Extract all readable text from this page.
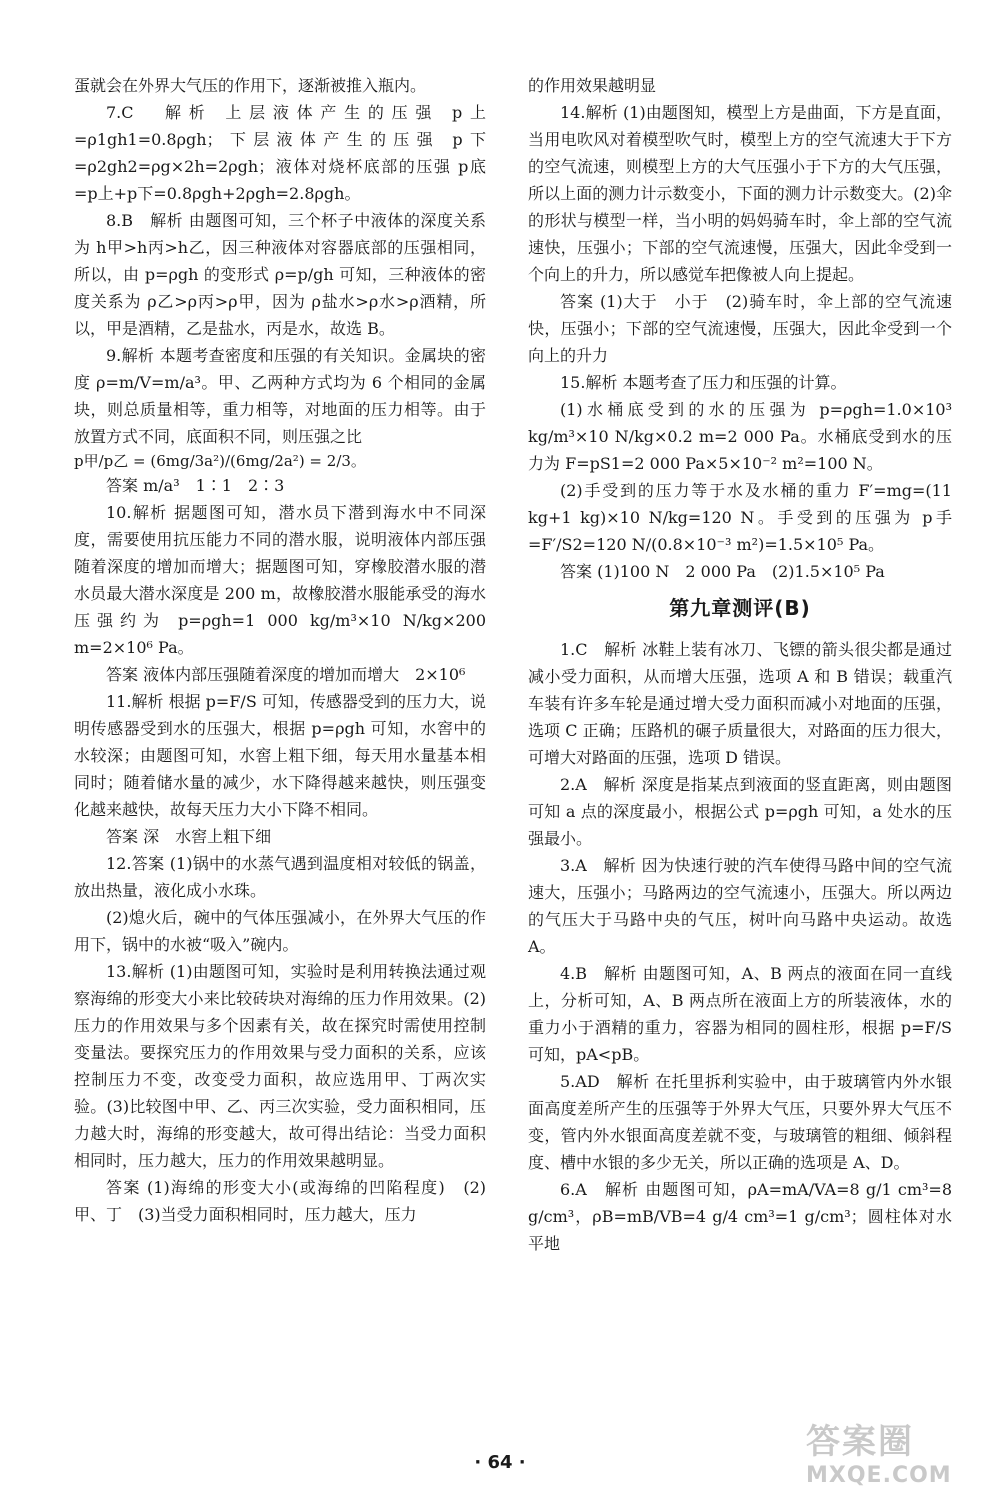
蛋就会在外界大气压的作用下，逐渐被推入瓶内。

7.C　解析 上层液体产生的压强 p上=ρ1gh1=0.8ρgh；下层液体产生的压强 p下=ρ2gh2=ρg×2h=2ρgh；液体对烧杯底部的压强 p底=p上+p下=0.8ρgh+2ρgh=2.8ρgh。

8.B　解析 由题图可知，三个杯子中液体的深度关系为 h甲>h丙>h乙，因三种液体对容器底部的压强相同，所以，由 p=ρgh 的变形式 ρ=p/gh 可知，三种液体的密度关系为 ρ乙>ρ丙>ρ甲，因为 ρ盐水>ρ水>ρ酒精，所以，甲是酒精，乙是盐水，丙是水，故选 B。

9.解析 本题考查密度和压强的有关知识。金属块的密度 ρ=m/V=m/a³。甲、乙两种方式均为 6 个相同的金属块，则总质量相等，重力相等，对地面的压力相等。由于放置方式不同，底面积不同，则压强之比

p甲/p乙 = (6mg/3a²)/(6mg/2a²) = 2/3。

答案 m/a³　1∶1　2∶3

10.解析 据题图可知，潜水员下潜到海水中不同深度，需要使用抗压能力不同的潜水服，说明液体内部压强随着深度的增加而增大；据题图可知，穿橡胶潜水服的潜水员最大潜水深度是 200 m，故橡胶潜水服能承受的海水压强约为 p=ρgh=1 000 kg/m³×10 N/kg×200 m=2×10⁶ Pa。

答案 液体内部压强随着深度的增加而增大　2×10⁶

11.解析 根据 p=F/S 可知，传感器受到的压力大，说明传感器受到水的压强大，根据 p=ρgh 可知，水窖中的水较深；由题图可知，水窖上粗下细，每天用水量基本相同时；随着储水量的减少，水下降得越来越快，则压强变化越来越快，故每天压力大小下降不相同。

答案 深　水窖上粗下细

12.答案 (1)锅中的水蒸气遇到温度相对较低的锅盖，放出热量，液化成小水珠。

(2)熄火后，碗中的气体压强减小，在外界大气压的作用下，锅中的水被“吸入”碗内。

13.解析 (1)由题图可知，实验时是利用转换法通过观察海绵的形变大小来比较砖块对海绵的压力作用效果。(2)压力的作用效果与多个因素有关，故在探究时需使用控制变量法。要探究压力的作用效果与受力面积的关系，应该控制压力不变，改变受力面积，故应选用甲、丁两次实验。(3)比较图中甲、乙、丙三次实验，受力面积相同，压力越大时，海绵的形变越大，故可得出结论：当受力面积相同时，压力越大，压力的作用效果越明显。

答案 (1)海绵的形变大小(或海绵的凹陷程度)　(2)甲、丁　(3)当受力面积相同时，压力越大，压力

的作用效果越明显

14.解析 (1)由题图知，模型上方是曲面，下方是直面，当用电吹风对着模型吹气时，模型上方的空气流速大于下方的空气流速，则模型上方的大气压强小于下方的大气压强，所以上面的测力计示数变小，下面的测力计示数变大。(2)伞的形状与模型一样，当小明的妈妈骑车时，伞上部的空气流速快，压强小；下部的空气流速慢，压强大，因此伞受到一个向上的升力，所以感觉车把像被人向上提起。

答案 (1)大于　小于　(2)骑车时，伞上部的空气流速快，压强小；下部的空气流速慢，压强大，因此伞受到一个向上的升力

15.解析 本题考查了压力和压强的计算。

(1)水桶底受到的水的压强为 p=ρgh=1.0×10³ kg/m³×10 N/kg×0.2 m=2 000 Pa。水桶底受到水的压力为 F=pS1=2 000 Pa×5×10⁻² m²=100 N。

(2)手受到的压力等于水及水桶的重力 F′=mg=(11 kg+1 kg)×10 N/kg=120 N。手受到的压强为 p手=F′/S2=120 N/(0.8×10⁻³ m²)=1.5×10⁵ Pa。

答案 (1)100 N　2 000 Pa　(2)1.5×10⁵ Pa

第九章测评(B)

1.C　解析 冰鞋上装有冰刀、飞镖的箭头很尖都是通过减小受力面积，从而增大压强，选项 A 和 B 错误；载重汽车装有许多车轮是通过增大受力面积而减小对地面的压强，选项 C 正确；压路机的碾子质量很大，对路面的压力很大，可增大对路面的压强，选项 D 错误。

2.A　解析 深度是指某点到液面的竖直距离，则由题图可知 a 点的深度最小，根据公式 p=ρgh 可知，a 处水的压强最小。

3.A　解析 因为快速行驶的汽车使得马路中间的空气流速大，压强小；马路两边的空气流速小，压强大。所以两边的气压大于马路中央的气压，树叶向马路中央运动。故选 A。

4.B　解析 由题图可知，A、B 两点的液面在同一直线上，分析可知，A、B 两点所在液面上方的所装液体，水的重力小于酒精的重力，容器为相同的圆柱形，根据 p=F/S 可知，pA<pB。

5.AD　解析 在托里拆利实验中，由于玻璃管内外水银面高度差所产生的压强等于外界大气压，只要外界大气压不变，管内外水银面高度差就不变，与玻璃管的粗细、倾斜程度、槽中水银的多少无关，所以正确的选项是 A、D。

6.A　解析 由题图可知，ρA=mA/VA=8 g/1 cm³=8 g/cm³，ρB=mB/VB=4 g/4 cm³=1 g/cm³；圆柱体对水平地

· 64 ·
答案圈
MXQE.COM
